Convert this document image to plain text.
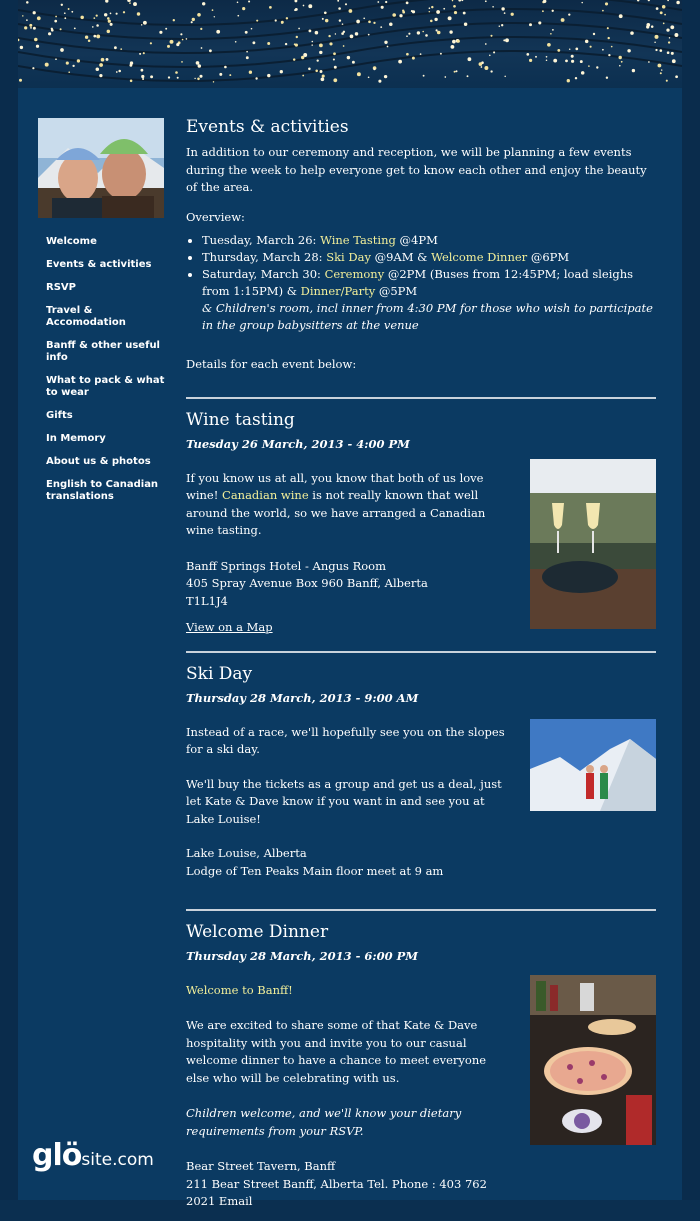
Welcome
Events & activities
RSVP
Travel & Accomodation
Banff & other useful info
What to pack & what to wear
Gifts
In Memory
About us & photos
English to Canadian translations
Events & activities

In addition to our ceremony and reception, we will be planning a few events during the week to help everyone get to know each other and enjoy the beauty of the area.

Overview:

• Tuesday, March 26: Wine Tasting @4PM
• Thursday, March 28: Ski Day @9AM & Welcome Dinner @6PM
• Saturday, March 30: Ceremony @2PM (Buses from 12:45PM; load sleighs from 1:15PM) & Dinner/Party @5PM
& Children's room, incl inner from 4:30 PM for those who wish to participate in the group babysitters at the venue

Details for each event below:

Wine tasting
Tuesday 26 March, 2013 - 4:00 PM

If you know us at all, you know that both of us love wine! Canadian wine is not really known that well around the world, so we have arranged a Canadian wine tasting.

Banff Springs Hotel - Angus Room

405 Spray Avenue Box 960 Banff, Alberta

T1L1J4

View on a Map

Ski Day
Thursday 28 March, 2013 - 9:00 AM

Instead of a race, we'll hopefully see you on the slopes for a ski day.

We'll buy the tickets as a group and get us a deal, just let Kate & Dave know if you want in and see you at Lake Louise!

Lake Louise, Alberta

Lodge of Ten Peaks Main floor meet at 9 am

Welcome Dinner
Thursday 28 March, 2013 - 6:00 PM

Welcome to Banff!

We are excited to share some of that Kate & Dave hospitality with you and invite you to our casual welcome dinner to have a chance to meet everyone else who will be celebrating with us.

Children welcome, and we'll know your dietary requirements from your RSVP.

Bear Street Tavern, Banff

211 Bear Street Banff, Alberta Tel. Phone : 403 762 2021 Email

glösite.com
